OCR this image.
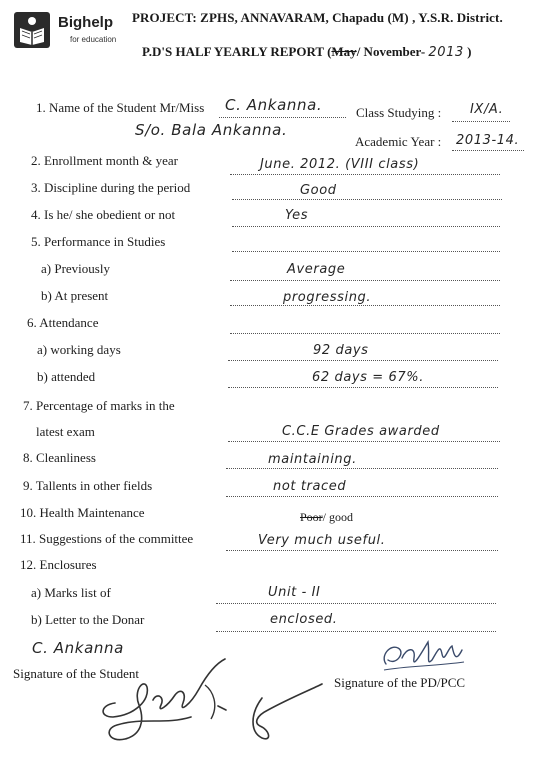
Bighelp
for education
PROJECT: ZPHS, ANNAVARAM, Chapadu (M) , Y.S.R. District.
P.D'S HALF YEARLY REPORT (May/ November- 2013 )
1. Name of the Student Mr/Miss C. Ankanna.	Class Studying : IX/A.
S/o. Bala Ankanna.
Academic Year : 2013-14.
2. Enrollment month & year	June. 2012. (VIII class)
3. Discipline during the period	Good
4. Is he/ she obedient or not	Yes
5. Performance in Studies
a) Previously	Average
b) At present	progressing.
6. Attendance
a) working days	92 days
b) attended	62 days = 67%.
7. Percentage of marks in the
latest exam	C.C.E Grades awarded
8. Cleanliness	maintaining.
9. Tallents in other fields	not traced
10. Health Maintenance	Poor/ good
11. Suggestions of the committee	Very much useful.
12. Enclosures
a) Marks list of	Unit - II
b) Letter to the Donar	enclosed.
C. Ankanna
Signature of the Student
Signature of the PD/PCC
